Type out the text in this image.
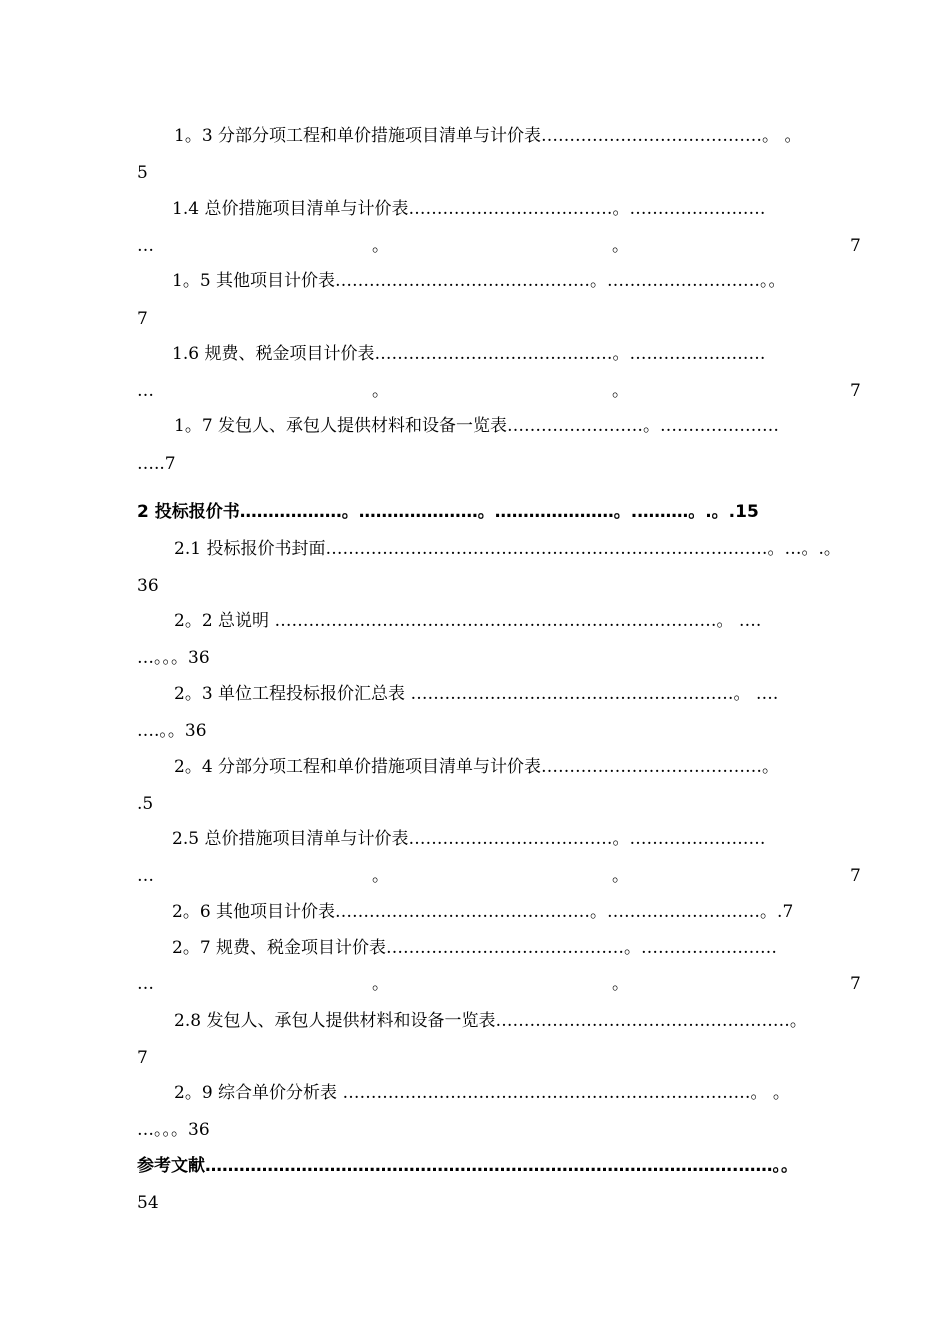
1。3 分部分项工程和单价措施项目清单与计价表…………………………………。 。
5
1.4 总价措施项目清单与计价表………………………………。……………………
…	。	。	7
1。5 其他项目计价表………………………………………。………………………。。
7
1.6 规费、税金项目计价表……………………………………。……………………
…	。	。	7
1。7 发包人、承包人提供材料和设备一览表……………………。…………………
…..7
2 投标报价书………………。…………………。…………………。.………。.。.15
2.1 投标报价书封面……………………………………………………………………。…。.。
36
2。2 总说明 ……………………………………………………………………。 ….
…。。。36
2。3 单位工程投标报价汇总表 …………………………………………………。 ….
….。。36
2。4 分部分项工程和单价措施项目清单与计价表…………………………………。
.5
2.5 总价措施项目清单与计价表………………………………。……………………
…	。	。	7
2。6 其他项目计价表………………………………………。………………………。.7
2。7 规费、税金项目计价表……………………………………。……………………
…	。	。	7
2.8 发包人、承包人提供材料和设备一览表……………………………….……………。
7
2。9 综合单价分析表 ………………………………………………………………。 。
…。。。36
参考文献………………………………………………………………………………….……。。
54
